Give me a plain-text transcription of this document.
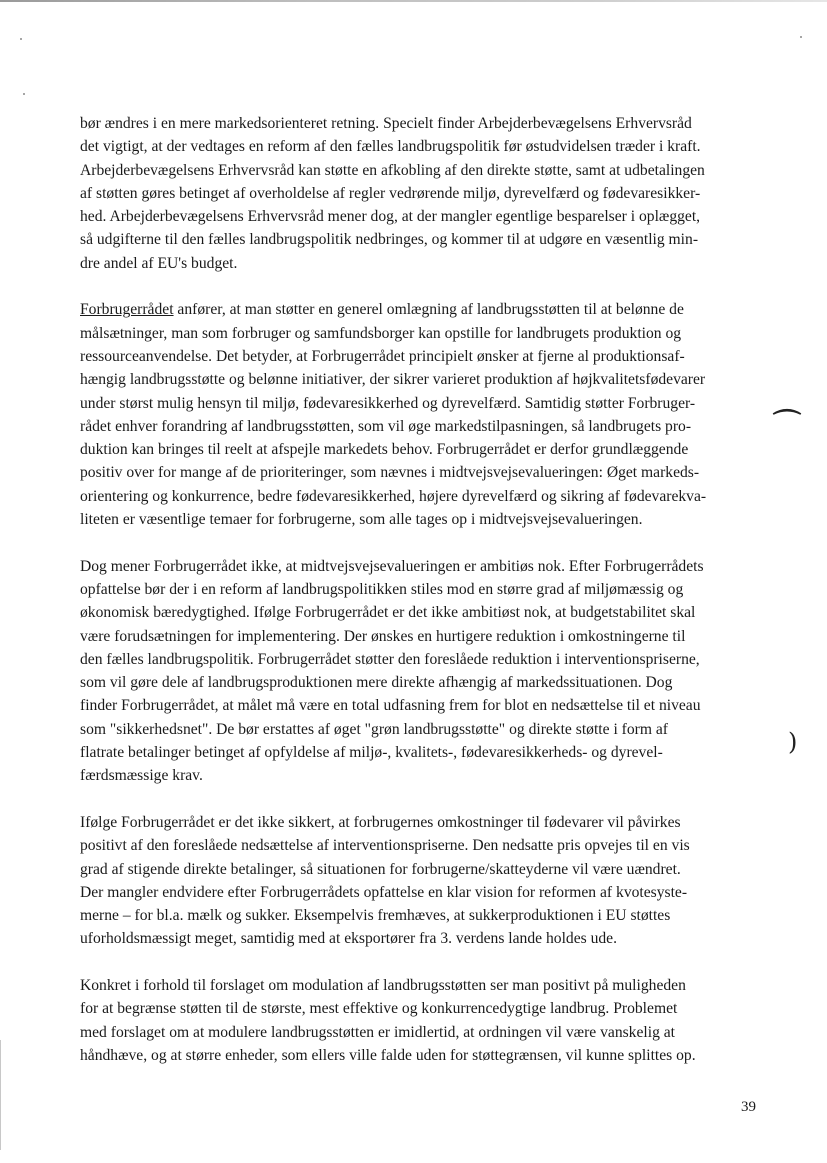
bør ændres i en mere markedsorienteret retning. Specielt finder Arbejderbevægelsens Erhvervsråd
det vigtigt, at der vedtages en reform af den fælles landbrugspolitik før østudvidelsen træder i kraft.
Arbejderbevægelsens Erhvervsråd kan støtte en afkobling af den direkte støtte, samt at udbetalingen
af støtten gøres betinget af overholdelse af regler vedrørende miljø, dyrevelfærd og fødevaresikker-
hed. Arbejderbevægelsens Erhvervsråd mener dog, at der mangler egentlige besparelser i oplægget,
så udgifterne til den fælles landbrugspolitik nedbringes, og kommer til at udgøre en væsentlig min-
dre andel af EU's budget.

Forbrugerrådet anfører, at man støtter en generel omlægning af landbrugsstøtten til at belønne de
målsætninger, man som forbruger og samfundsborger kan opstille for landbrugets produktion og
ressourceanvendelse. Det betyder, at Forbrugerrådet principielt ønsker at fjerne al produktionsaf-
hængig landbrugsstøtte og belønne initiativer, der sikrer varieret produktion af højkvalitetsfødevarer
under størst mulig hensyn til miljø, fødevaresikkerhed og dyrevelfærd. Samtidig støtter Forbruger-
rådet enhver forandring af landbrugsstøtten, som vil øge markedstilpasningen, så landbrugets pro-
duktion kan bringes til reelt at afspejle markedets behov. Forbrugerrådet er derfor grundlæggende
positiv over for mange af de prioriteringer, som nævnes i midtvejsvejsevalueringen: Øget markeds-
orientering og konkurrence, bedre fødevaresikkerhed, højere dyrevelfærd og sikring af fødevarekva-
liteten er væsentlige temaer for forbrugerne, som alle tages op i midtvejsvejsevalueringen.

Dog mener Forbrugerrådet ikke, at midtvejsvejsevalueringen er ambitiøs nok. Efter Forbrugerrådets
opfattelse bør der i en reform af landbrugspolitikken stiles mod en større grad af miljømæssig og
økonomisk bæredygtighed. Ifølge Forbrugerrådet er det ikke ambitiøst nok, at budgetstabilitet skal
være forudsætningen for implementering. Der ønskes en hurtigere reduktion i omkostningerne til
den fælles landbrugspolitik. Forbrugerrådet støtter den foreslåede reduktion i interventionspriserne,
som vil gøre dele af landbrugsproduktionen mere direkte afhængig af markedssituationen. Dog
finder Forbrugerrådet, at målet må være en total udfasning frem for blot en nedsættelse til et niveau
som "sikkerhedsnet". De bør erstattes af øget "grøn landbrugsstøtte" og direkte støtte i form af
flatrate betalinger betinget af opfyldelse af miljø-, kvalitets-, fødevaresikkerheds- og dyrevel-
færdsmæssige krav.

Ifølge Forbrugerrådet er det ikke sikkert, at forbrugernes omkostninger til fødevarer vil påvirkes
positivt af den foreslåede nedsættelse af interventionspriserne. Den nedsatte pris opvejes til en vis
grad af stigende direkte betalinger, så situationen for forbrugerne/skatteyderne vil være uændret.
Der mangler endvidere efter Forbrugerrådets opfattelse en klar vision for reformen af kvotesyste-
merne – for bl.a. mælk og sukker. Eksempelvis fremhæves, at sukkerproduktionen i EU støttes
uforholdsmæssigt meget, samtidig med at eksportører fra 3. verdens lande holdes ude.

Konkret i forhold til forslaget om modulation af landbrugsstøtten ser man positivt på muligheden
for at begrænse støtten til de største, mest effektive og konkurrencedygtige landbrug. Problemet
med forslaget om at modulere landbrugsstøtten er imidlertid, at ordningen vil være vanskelig at
håndhæve, og at større enheder, som ellers ville falde uden for støttegrænsen, vil kunne splittes op.

⌒
)
39
